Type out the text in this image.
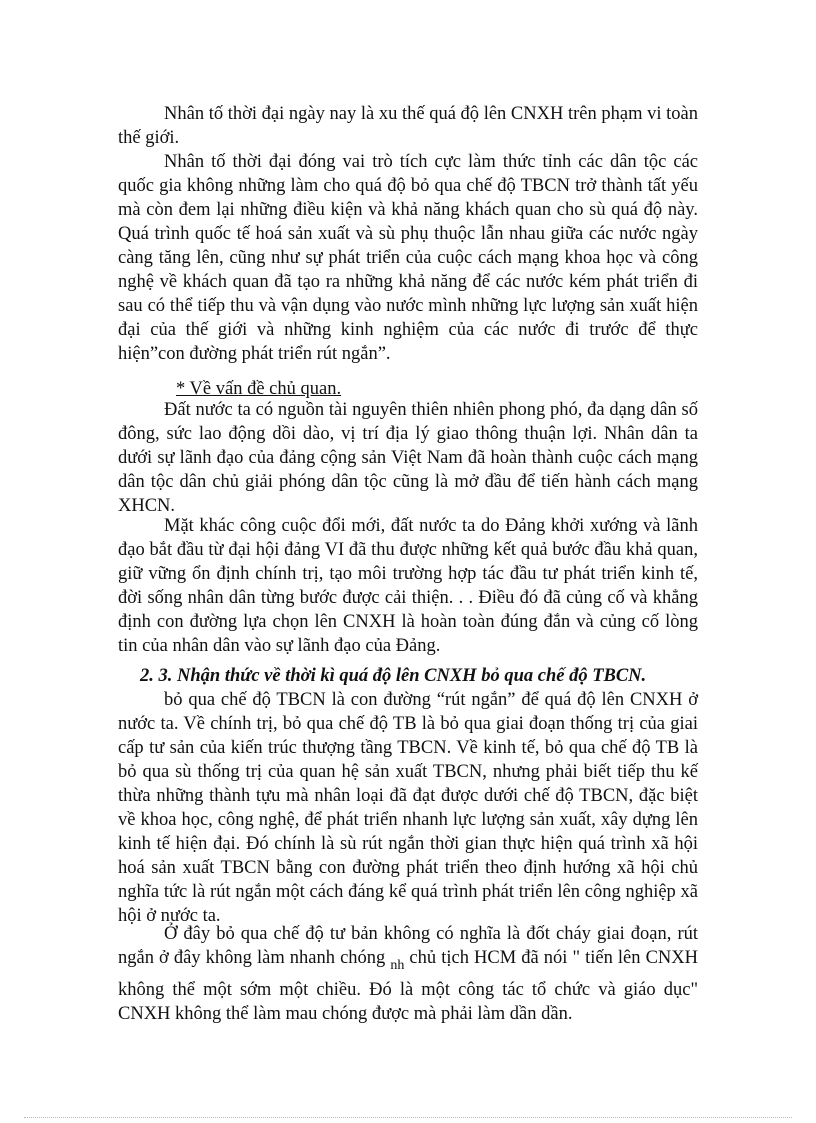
Nhân tố thời đại ngày nay là xu thế quá độ lên CNXH trên phạm vi toàn thế giới.

Nhân tố thời đại đóng vai trò tích cực làm thức tỉnh các dân tộc các quốc gia không những làm cho quá độ bỏ qua chế độ TBCN trở thành tất yếu mà còn đem lại những điều kiện và khả năng khách quan cho sù quá độ này. Quá trình quốc tế hoá sản xuất và sù phụ thuộc lẫn nhau giữa các nước ngày càng tăng lên, cũng như sự phát triển của cuộc cách mạng khoa học và công nghệ về khách quan đã tạo ra những khả năng để các nước kém phát triển đi sau có thể tiếp thu và vận dụng vào nước mình những lực lượng sản xuất hiện đại của thế giới và những kinh nghiệm của các nước đi trước để thực hiện”con đường phát triển rút ngắn”.

* Về vấn đề chủ quan.

Đất nước ta có nguồn tài nguyên thiên nhiên phong phó, đa dạng dân số đông, sức lao động dồi dào, vị trí địa lý giao thông thuận lợi. Nhân dân ta dưới sự lãnh đạo của đảng cộng sản Việt Nam đã hoàn thành cuộc cách mạng dân tộc dân chủ giải phóng dân tộc cũng là mở đầu để tiến hành cách mạng XHCN.

Mặt khác công cuộc đổi mới, đất nước ta do Đảng khởi xướng và lãnh đạo bắt đầu từ đại hội đảng VI đã thu được những kết quả bước đầu khả quan, giữ vững ổn định chính trị, tạo môi trường hợp tác đầu tư phát triển kinh tế, đời sống nhân dân từng bước được cải thiện. . . Điều đó đã củng cố và khẳng định con đường lựa chọn lên CNXH là hoàn toàn đúng đắn và củng cố lòng tin của nhân dân vào sự lãnh đạo của Đảng.

2. 3. Nhận thức về thời kì quá độ lên CNXH bỏ qua chế độ TBCN.

bỏ qua chế độ TBCN là con đường “rút ngắn” để quá độ lên CNXH ở nước ta. Về chính trị, bỏ qua chế độ TB là bỏ qua giai đoạn thống trị của giai cấp tư sản của kiến trúc thượng tầng TBCN. Về kinh tế, bỏ qua chế độ TB là bỏ qua sù thống trị của quan hệ sản xuất TBCN, nhưng phải biết tiếp thu kế thừa những thành tựu mà nhân loại đã đạt được dưới chế độ TBCN, đặc biệt về khoa học, công nghệ, để phát triển nhanh lực lượng sản xuất, xây dựng lên kinh tế hiện đại. Đó chính là sù rút ngắn thời gian thực hiện quá trình xã hội hoá sản xuất TBCN bằng con đường phát triển theo định hướng xã hội chủ nghĩa tức là rút ngắn một cách đáng kể quá trình phát triển lên công nghiệp xã hội ở nước ta.

Ở đây bỏ qua chế độ tư bản không có nghĩa là đốt cháy giai đoạn, rút ngắn ở đây không làm nhanh chóng $_{nh}$ chủ tịch HCM đã nói " tiến lên CNXH không thể một sớm một chiều. Đó là một công tác tổ chức và giáo dục" CNXH không thể làm mau chóng được mà phải làm dần dần.
